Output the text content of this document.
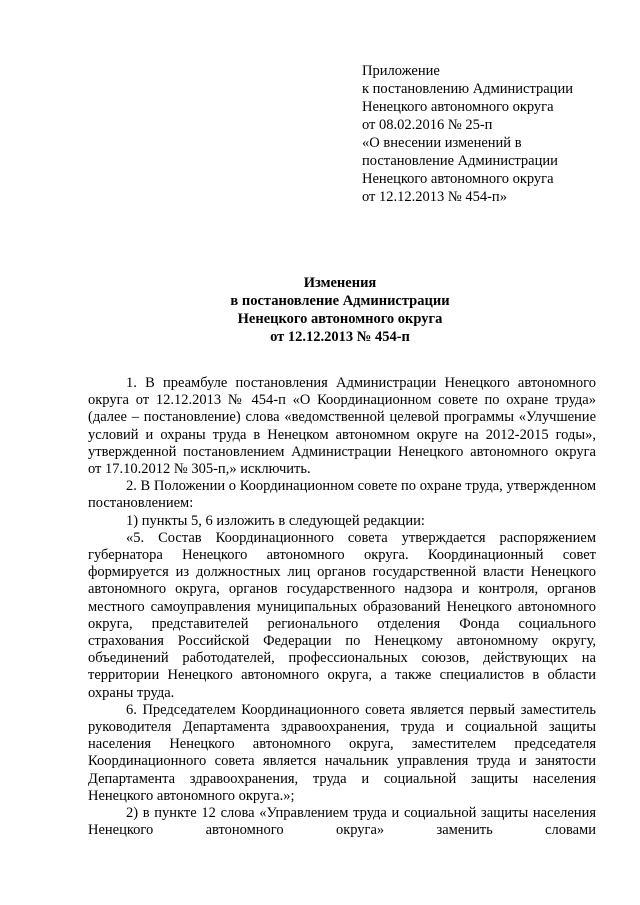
Приложение
к постановлению Администрации
Ненецкого автономного округа
от 08.02.2016 № 25-п
«О внесении изменений в
постановление Администрации
Ненецкого автономного округа
от 12.12.2013 № 454-п»
Изменения
в постановление Администрации
Ненецкого автономного округа
от 12.12.2013 № 454-п

1. В преамбуле постановления Администрации Ненецкого автономного округа от 12.12.2013 № 454-п «О Координационном совете по охране труда» (далее – постановление) слова «ведомственной целевой программы «Улучшение условий и охраны труда в Ненецком автономном округе на 2012-2015 годы», утвержденной постановлением Администрации Ненецкого автономного округа от 17.10.2012 № 305-п,» исключить.

2. В Положении о Координационном совете по охране труда, утвержденном постановлением:

1) пункты 5, 6 изложить в следующей редакции:

«5. Состав Координационного совета утверждается распоряжением губернатора Ненецкого автономного округа. Координационный совет формируется из должностных лиц органов государственной власти Ненецкого автономного округа, органов государственного надзора и контроля, органов местного самоуправления муниципальных образований Ненецкого автономного округа, представителей регионального отделения Фонда социального страхования Российской Федерации по Ненецкому автономному округу, объединений работодателей, профессиональных союзов, действующих на территории Ненецкого автономного округа, а также специалистов в области охраны труда.

6. Председателем Координационного совета является первый заместитель руководителя Департамента здравоохранения, труда и социальной защиты населения Ненецкого автономного округа, заместителем председателя Координационного совета является начальник управления труда и занятости Департамента здравоохранения, труда и социальной защиты населения Ненецкого автономного округа.»;

2) в пункте 12 слова «Управлением труда и социальной защиты населения Ненецкого автономного округа» заменить словами
